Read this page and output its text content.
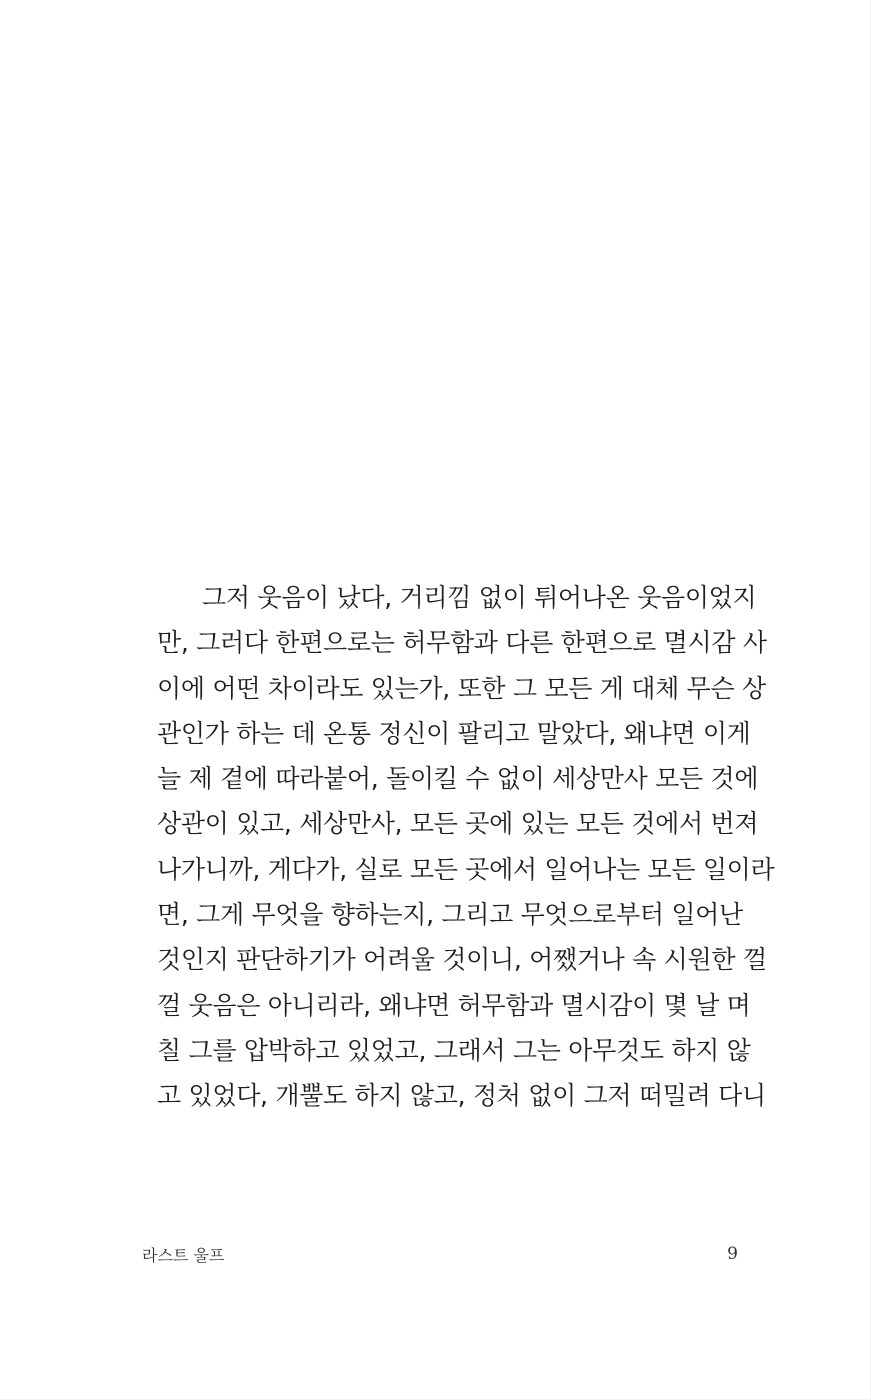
그저 웃음이 났다, 거리낌 없이 튀어나온 웃음이었지
만, 그러다 한편으로는 허무함과 다른 한편으로 멸시감 사
이에 어떤 차이라도 있는가, 또한 그 모든 게 대체 무슨 상
관인가 하는 데 온통 정신이 팔리고 말았다, 왜냐면 이게
늘 제 곁에 따라붙어, 돌이킬 수 없이 세상만사 모든 것에
상관이 있고, 세상만사, 모든 곳에 있는 모든 것에서 번져
나가니까, 게다가, 실로 모든 곳에서 일어나는 모든 일이라
면, 그게 무엇을 향하는지, 그리고 무엇으로부터 일어난
것인지 판단하기가 어려울 것이니, 어쨌거나 속 시원한 껄
껄 웃음은 아니리라, 왜냐면 허무함과 멸시감이 몇 날 며
칠 그를 압박하고 있었고, 그래서 그는 아무것도 하지 않
고 있었다, 개뿔도 하지 않고, 정처 없이 그저 떠밀려 다니
라스트 울프	9
